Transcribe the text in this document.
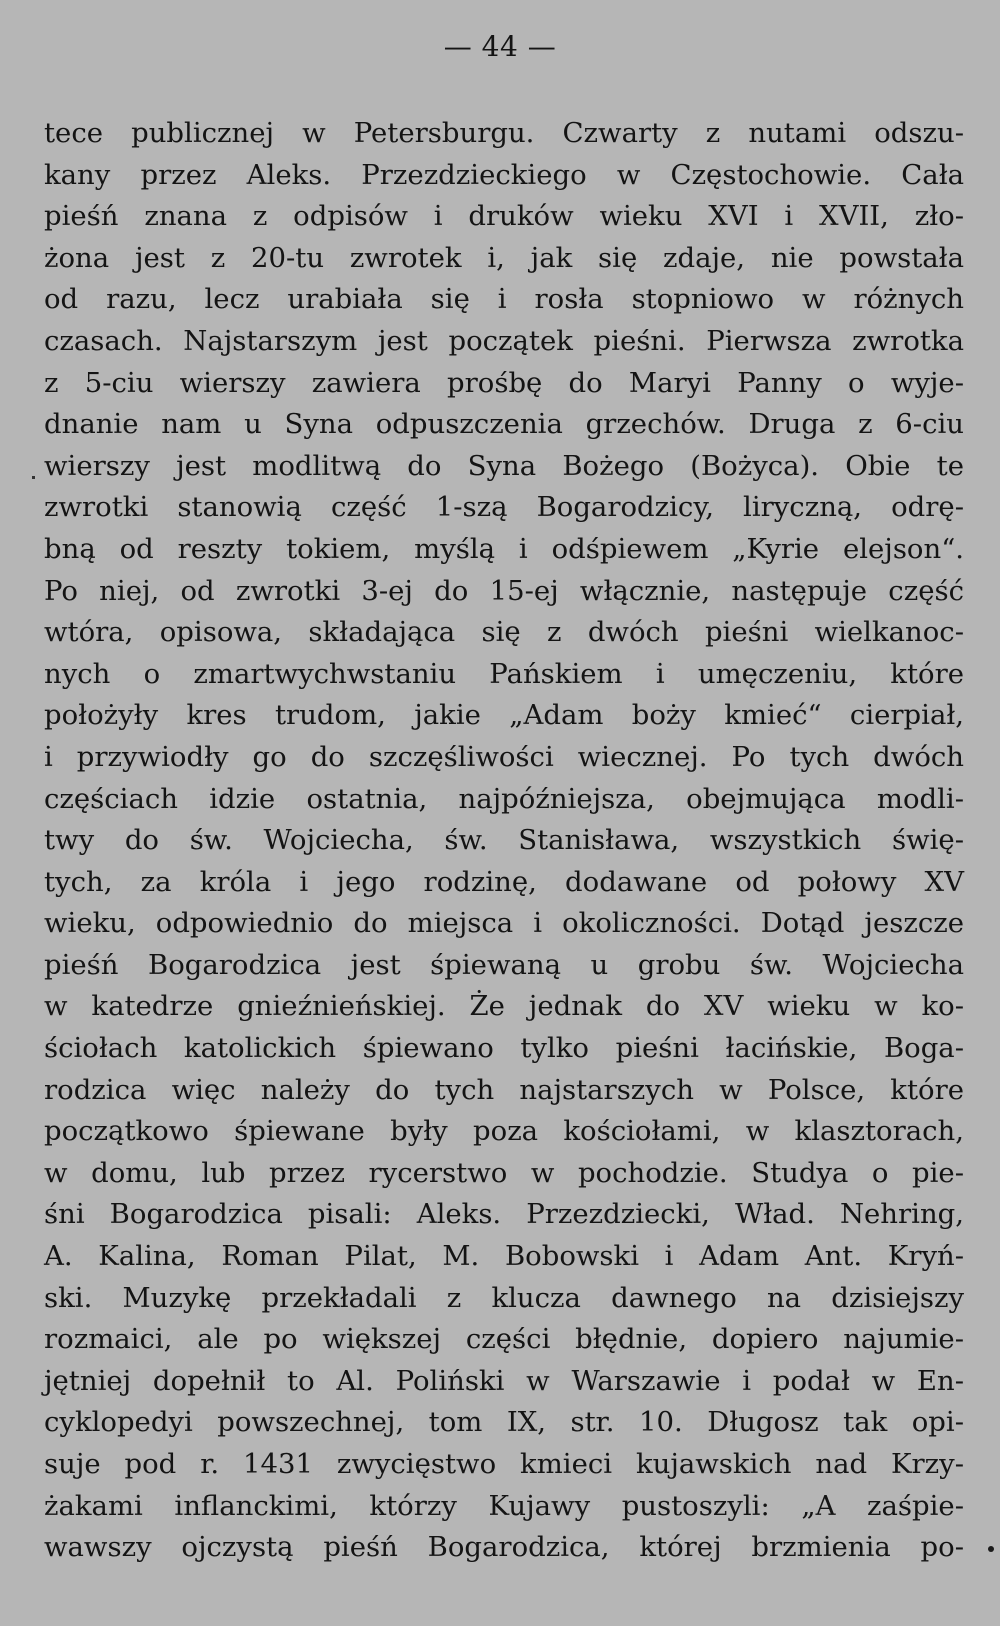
— 44 —
tece publicznej w Petersburgu. Czwarty z nutami odszu-
kany przez Aleks. Przezdzieckiego w Częstochowie. Cała
pieśń znana z odpisów i druków wieku XVI i XVII, zło-
żona jest z 20-tu zwrotek i, jak się zdaje, nie powstała
od razu, lecz urabiała się i rosła stopniowo w różnych
czasach. Najstarszym jest początek pieśni. Pierwsza zwrotka
z 5-ciu wierszy zawiera prośbę do Maryi Panny o wyje-
dnanie nam u Syna odpuszczenia grzechów. Druga z 6-ciu
wierszy jest modlitwą do Syna Bożego (Bożyca). Obie te
zwrotki stanowią część 1-szą Bogarodzicy, liryczną, odrę-
bną od reszty tokiem, myślą i odśpiewem „Kyrie elejson“.
Po niej, od zwrotki 3-ej do 15-ej włącznie, następuje część
wtóra, opisowa, składająca się z dwóch pieśni wielkanoc-
nych o zmartwychwstaniu Pańskiem i umęczeniu, które
położyły kres trudom, jakie „Adam boży kmieć“ cierpiał,
i przywiodły go do szczęśliwości wiecznej. Po tych dwóch
częściach idzie ostatnia, najpóźniejsza, obejmująca modli-
twy do św. Wojciecha, św. Stanisława, wszystkich świę-
tych, za króla i jego rodzinę, dodawane od połowy XV
wieku, odpowiednio do miejsca i okoliczności. Dotąd jeszcze
pieśń Bogarodzica jest śpiewaną u grobu św. Wojciecha
w katedrze gnieźnieńskiej. Że jednak do XV wieku w ko-
ściołach katolickich śpiewano tylko pieśni łacińskie, Boga-
rodzica więc należy do tych najstarszych w Polsce, które
początkowo śpiewane były poza kościołami, w klasztorach,
w domu, lub przez rycerstwo w pochodzie. Studya o pie-
śni Bogarodzica pisali: Aleks. Przezdziecki, Wład. Nehring,
A. Kalina, Roman Pilat, M. Bobowski i Adam Ant. Kryń-
ski. Muzykę przekładali z klucza dawnego na dzisiejszy
rozmaici, ale po większej części błędnie, dopiero najumie-
jętniej dopełnił to Al. Poliński w Warszawie i podał w En-
cyklopedyi powszechnej, tom IX, str. 10. Długosz tak opi-
suje pod r. 1431 zwycięstwo kmieci kujawskich nad Krzy-
żakami inflanckimi, którzy Kujawy pustoszyli: „A zaśpie-
wawszy ojczystą pieśń Bogarodzica, której brzmienia po-
